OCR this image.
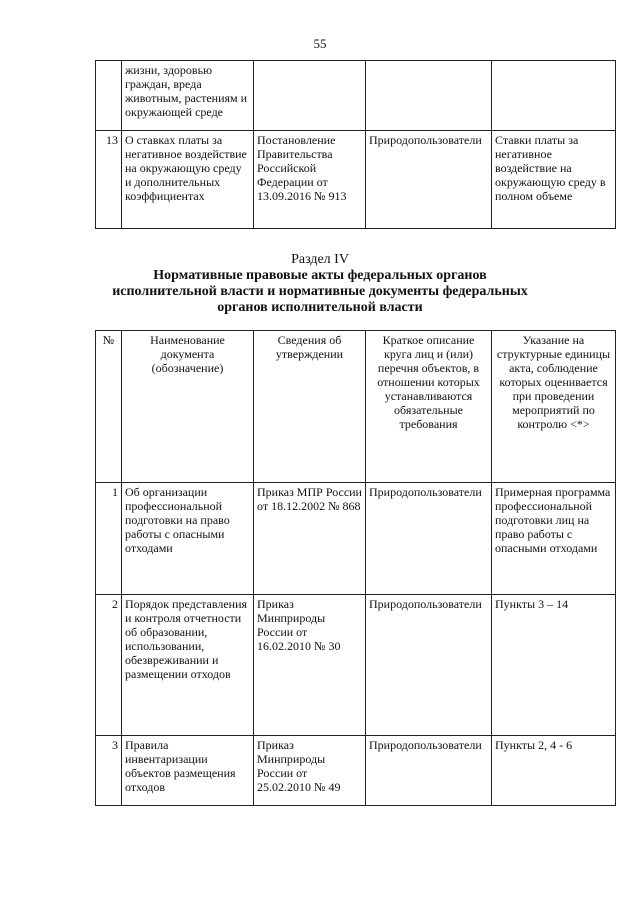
55
	жизни, здоровью граждан, вреда животным, растениям и окружающей среде			
13	О ставках платы за негативное воздействие на окружающую среду и дополнительных коэффициентах	Постановление Правительства Российской Федерации от 13.09.2016 № 913	Природопользователи	Ставки платы за негативное воздействие на окружающую среду в полном объеме
Раздел IV
Нормативные правовые акты федеральных органов
исполнительной власти и нормативные документы федеральных
органов исполнительной власти
№	Наименование документа (обозначение)	Сведения об утверждении	Краткое описание круга лиц и (или) перечня объектов, в отношении которых устанавливаются обязательные требования	Указание на структурные единицы акта, соблюдение которых оценивается при проведении мероприятий по контролю <*>
1	Об организации профессиональной подготовки на право работы с опасными отходами	Приказ МПР России от 18.12.2002 № 868	Природопользователи	Примерная программа профессиональной подготовки лиц на право работы с опасными отходами
2	Порядок представления и контроля отчетности об образовании, использовании, обезвреживании и размещении отходов	Приказ Минприроды России от 16.02.2010 № 30	Природопользователи	Пункты 3 – 14
3	Правила инвентаризации объектов размещения отходов	Приказ Минприроды России от 25.02.2010 № 49	Природопользователи	Пункты 2, 4 - 6
